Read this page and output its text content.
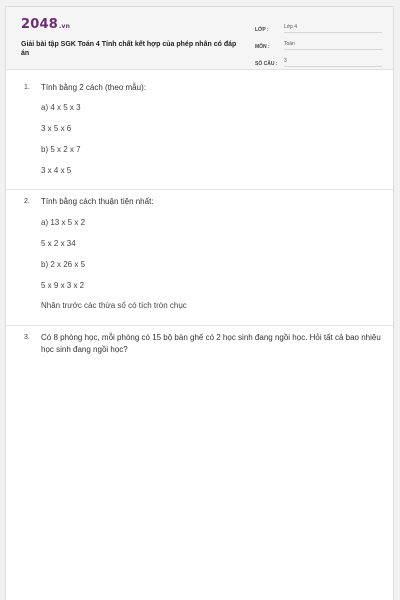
2048.vn
Giải bài tập SGK Toán 4 Tính chất kết hợp của phép nhân có đáp án
LỚP :	Lớp 4
MÔN :	Toán
SỐ CÂU :	3
1. Tính bằng 2 cách (theo mẫu):
a) 4 x 5 x 3
3 x 5 x 6
b) 5 x 2 x 7
3 x 4 x 5
2. Tính bằng cách thuận tiện nhất:
a) 13 x 5 x 2
5 x 2 x 34
b) 2 x 26 x 5
5 x 9 x 3 x 2
Nhân trước các thừa số có tích tròn chục
3. Có 8 phòng học, mỗi phòng có 15 bộ bàn ghế có 2 học sinh đang ngồi học. Hỏi tất cả bao nhiêu học sinh đang ngồi học?
